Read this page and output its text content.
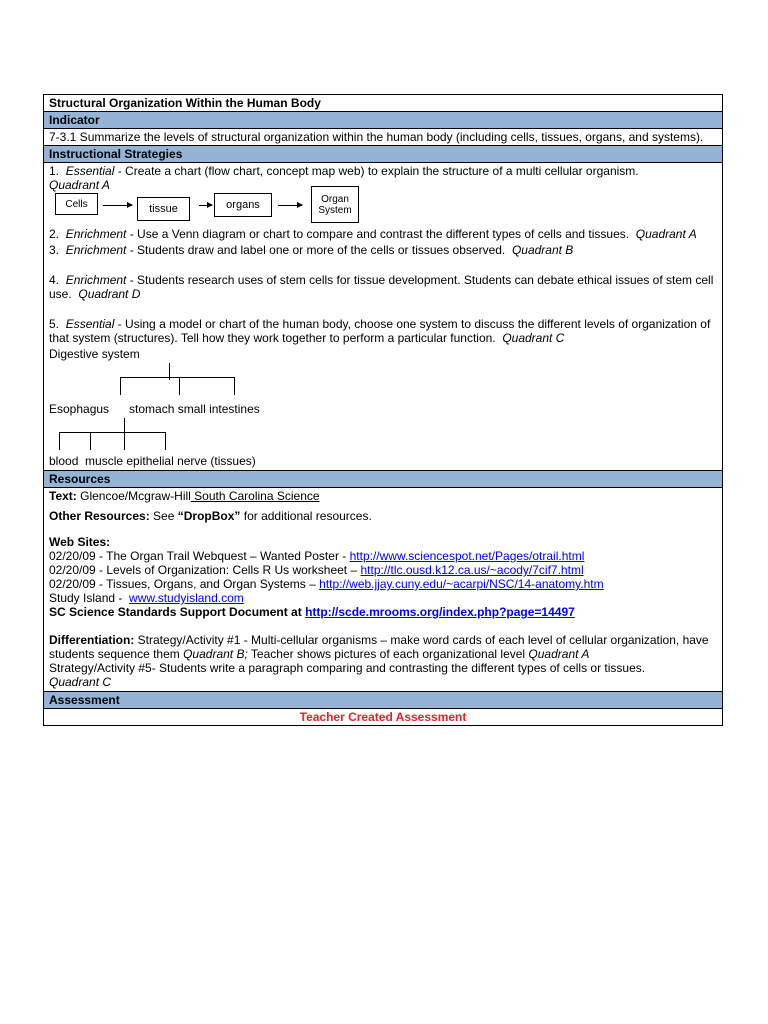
Structural Organization Within the Human Body
Indicator
7-3.1 Summarize the levels of structural organization within the human body (including cells, tissues, organs, and systems).
Instructional Strategies
1. Essential - Create a chart (flow chart, concept map web) to explain the structure of a multi cellular organism.
Quadrant A
Cells	tissue	organs	Organ System
2. Enrichment - Use a Venn diagram or chart to compare and contrast the different types of cells and tissues. Quadrant A
3. Enrichment - Students draw and label one or more of the cells or tissues observed. Quadrant B
4. Enrichment - Students research uses of stem cells for tissue development. Students can debate ethical issues of stem cell use. Quadrant D
5. Essential - Using a model or chart of the human body, choose one system to discuss the different levels of organization of that system (structures). Tell how they work together to perform a particular function. Quadrant C
Digestive system
Esophagus      stomach small intestines
blood  muscle epithelial nerve (tissues)
Resources
Text: Glencoe/Mcgraw-Hill South Carolina Science
Other Resources: See “DropBox” for additional resources.
Web Sites:
02/20/09 - The Organ Trail Webquest – Wanted Poster - http://www.sciencespot.net/Pages/otrail.html
02/20/09 - Levels of Organization: Cells R Us worksheet – http://tlc.ousd.k12.ca.us/~acody/7cif7.html
02/20/09 - Tissues, Organs, and Organ Systems – http://web.jjay.cuny.edu/~acarpi/NSC/14-anatomy.htm
Study Island -  www.studyisland.com
SC Science Standards Support Document at http://scde.mrooms.org/index.php?page=14497
Differentiation: Strategy/Activity #1 - Multi-cellular organisms – make word cards of each level of cellular organization, have students sequence them Quadrant B; Teacher shows pictures of each organizational level Quadrant A
Strategy/Activity #5- Students write a paragraph comparing and contrasting the different types of cells or tissues.
Quadrant C
Assessment
Teacher Created Assessment
